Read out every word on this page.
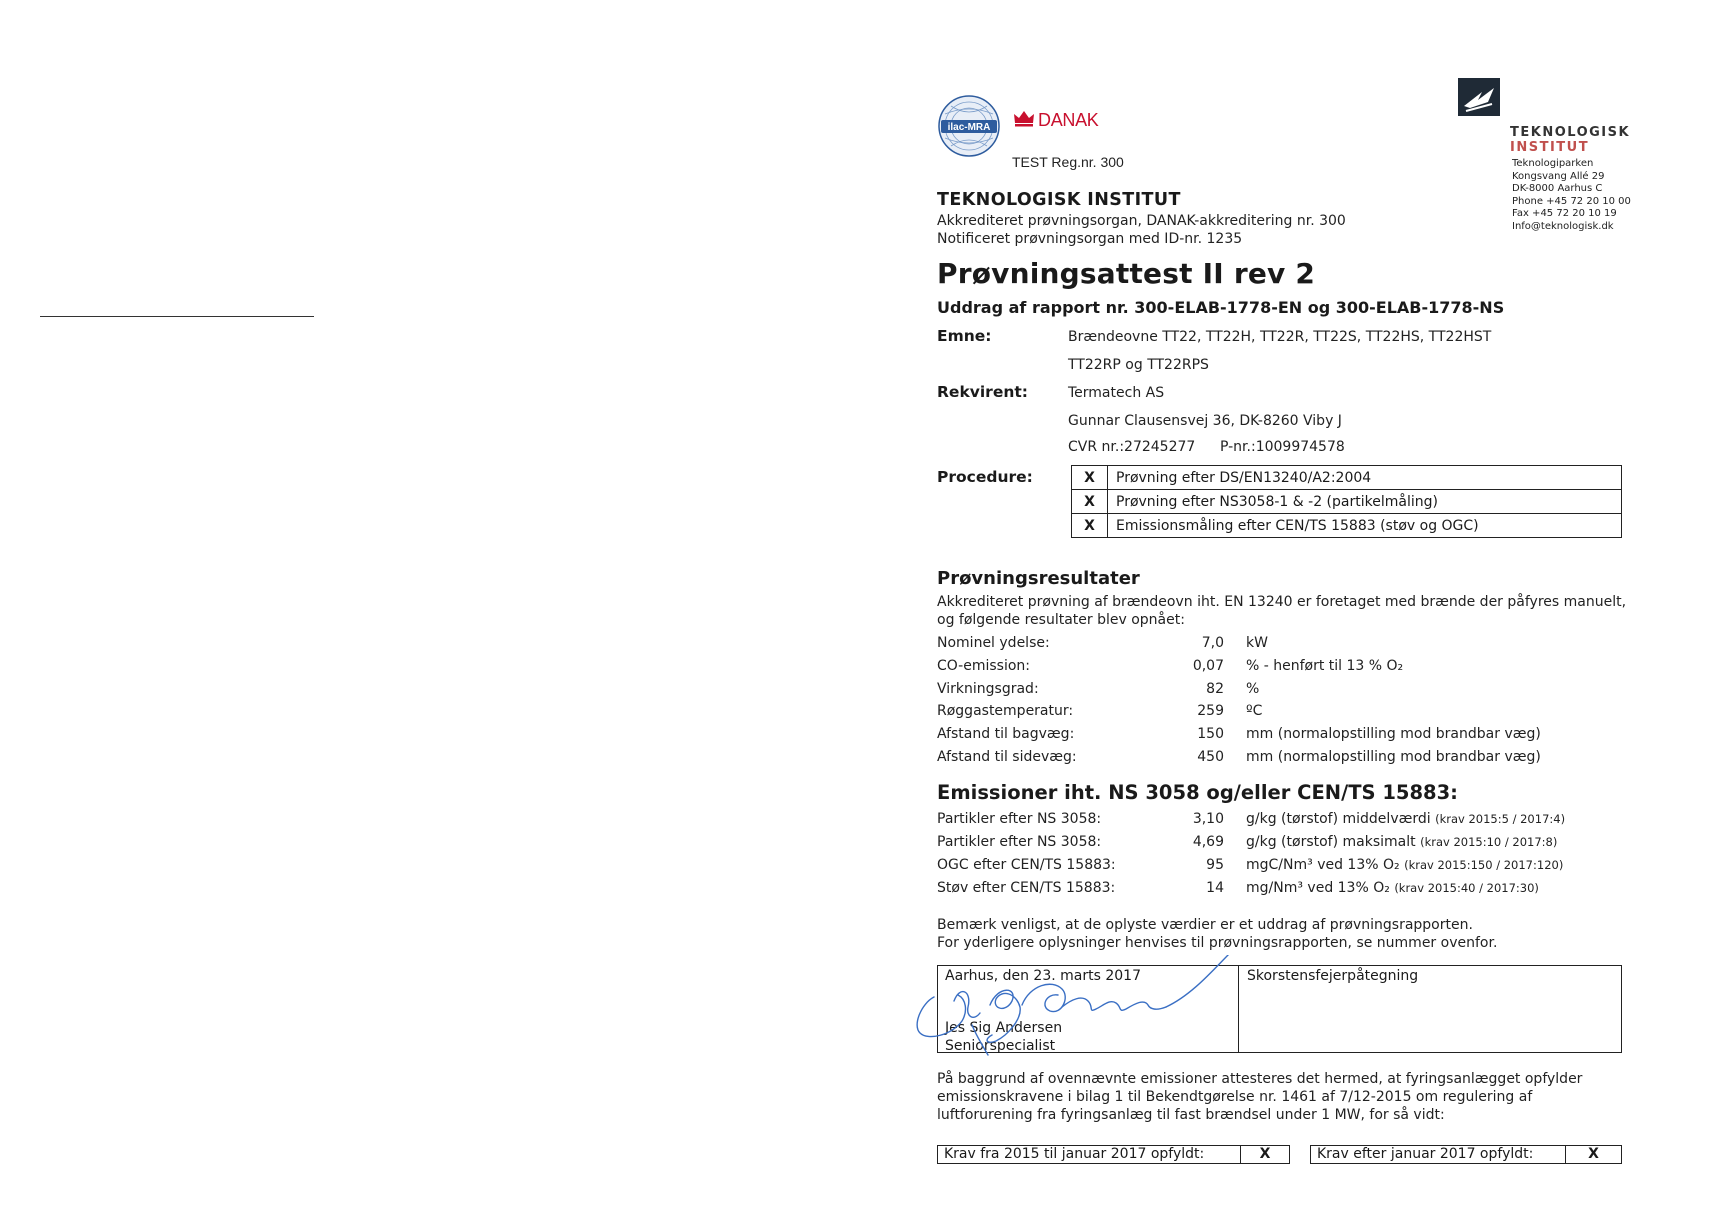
ilac-MRA	DANAK
TEST Reg.nr. 300
TEKNOLOGISK
INSTITUT
Teknologiparken
Kongsvang Allé 29
DK-8000 Aarhus C
Phone +45 72 20 10 00
Fax +45 72 20 10 19
Info@teknologisk.dk
TEKNOLOGISK INSTITUT
Akkrediteret prøvningsorgan, DANAK-akkreditering nr. 300
Notificeret prøvningsorgan med ID-nr. 1235
Prøvningsattest II rev 2
Uddrag af rapport nr. 300-ELAB-1778-EN og 300-ELAB-1778-NS
Emne:	Brændeovne TT22, TT22H, TT22R, TT22S, TT22HS, TT22HST
TT22RP og TT22RPS
Rekvirent:	Termatech AS
Gunnar Clausensvej 36, DK-8260 Viby J
CVR nr.:27245277 P-nr.:1009974578
Procedure:	X	Prøvning efter DS/EN13240/A2:2004
X	Prøvning efter NS3058-1 & -2 (partikelmåling)
X	Emissionsmåling efter CEN/TS 15883 (støv og OGC)
Prøvningsresultater
Akkrediteret prøvning af brændeovn iht. EN 13240 er foretaget med brænde der påfyres manuelt, og følgende resultater blev opnået:
Nominel ydelse:	7,0 kW
CO-emission:	0,07 % - henført til 13 % O₂
Virkningsgrad:	82 %
Røggastemperatur:	259 ºC
Afstand til bagvæg:	150 mm (normalopstilling mod brandbar væg)
Afstand til sidevæg:	450 mm (normalopstilling mod brandbar væg)
Emissioner iht. NS 3058 og/eller CEN/TS 15883:
Partikler efter NS 3058:	3,10 g/kg (tørstof) middelværdi (krav 2015:5 / 2017:4)
Partikler efter NS 3058:	4,69 g/kg (tørstof) maksimalt (krav 2015:10 / 2017:8)
OGC efter CEN/TS 15883:	95 mgC/Nm³ ved 13% O₂ (krav 2015:150 / 2017:120)
Støv efter CEN/TS 15883:	14 mg/Nm³ ved 13% O₂ (krav 2015:40 / 2017:30)
Bemærk venligst, at de oplyste værdier er et uddrag af prøvningsrapporten.
For yderligere oplysninger henvises til prøvningsrapporten, se nummer ovenfor.
Aarhus, den 23. marts 2017	Skorstensfejerpåtegning
Jes Sig Andersen
Seniorspecialist
På baggrund af ovennævnte emissioner attesteres det hermed, at fyringsanlægget opfylder emissionskravene i bilag 1 til Bekendtgørelse nr. 1461 af 7/12-2015 om regulering af luftforurening fra fyringsanlæg til fast brændsel under 1 MW, for så vidt:
Krav fra 2015 til januar 2017 opfyldt:	X	Krav efter januar 2017 opfyldt:	X
